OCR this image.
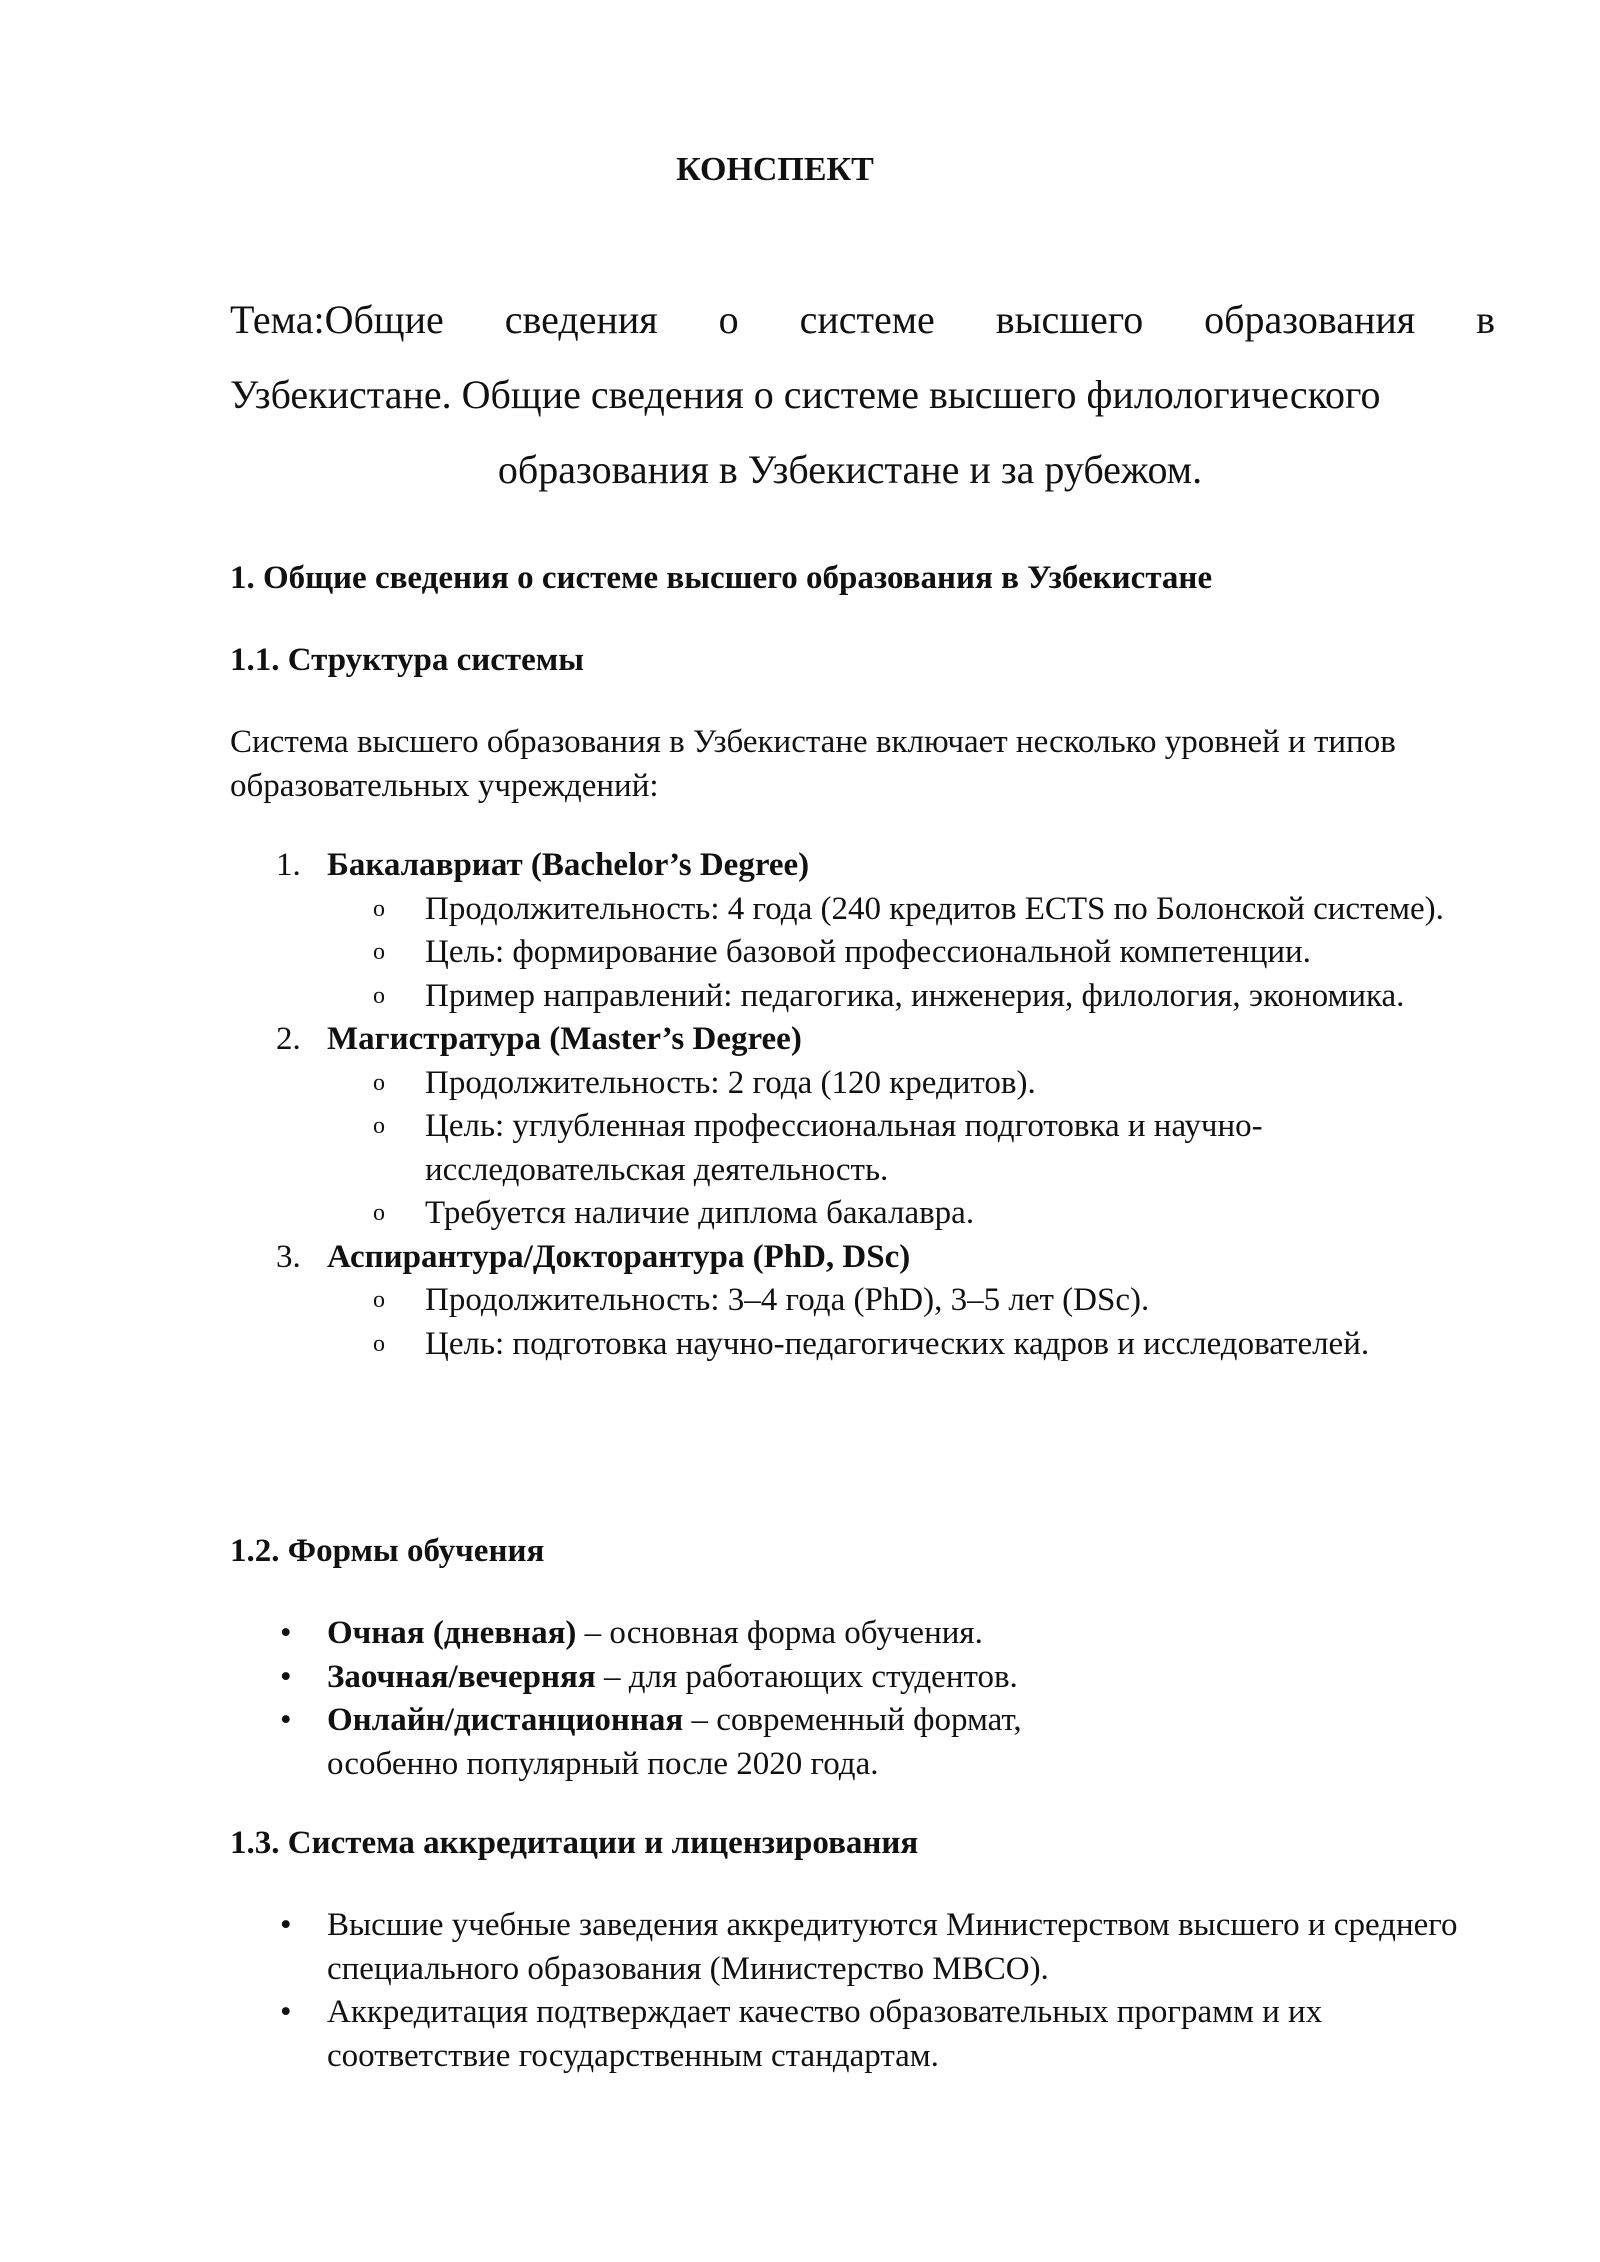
КОНСПЕКТ

Тема:Общие сведения о системе высшего образования в
Узбекистане. Общие сведения о системе высшего филологического
образования в Узбекистане и за рубежом.

1. Общие сведения о системе высшего образования в Узбекистане
1.1. Структура системы

Система высшего образования в Узбекистане включает несколько уровней и типов образовательных учреждений:

1. Бакалавриат (Bachelor’s Degree)

o Продолжительность: 4 года (240 кредитов ECTS по Болонской системе).

o Цель: формирование базовой профессиональной компетенции.

o Пример направлений: педагогика, инженерия, филология, экономика.

2. Магистратура (Master’s Degree)

o Продолжительность: 2 года (120 кредитов).

o Цель: углубленная профессиональная подготовка и научно-исследовательская деятельность.

o Требуется наличие диплома бакалавра.

3. Аспирантура/Докторантура (PhD, DSc)

o Продолжительность: 3–4 года (PhD), 3–5 лет (DSc).

o Цель: подготовка научно-педагогических кадров и исследователей.

1.2. Формы обучения

• Очная (дневная) – основная форма обучения.

• Заочная/вечерняя – для работающих студентов.

• Онлайн/дистанционная – современный формат, особенно популярный после 2020 года.

1.3. Система аккредитации и лицензирования

• Высшие учебные заведения аккредитуются Министерством высшего и среднего специального образования (Министерство МВСО).

• Аккредитация подтверждает качество образовательных программ и их соответствие государственным стандартам.
